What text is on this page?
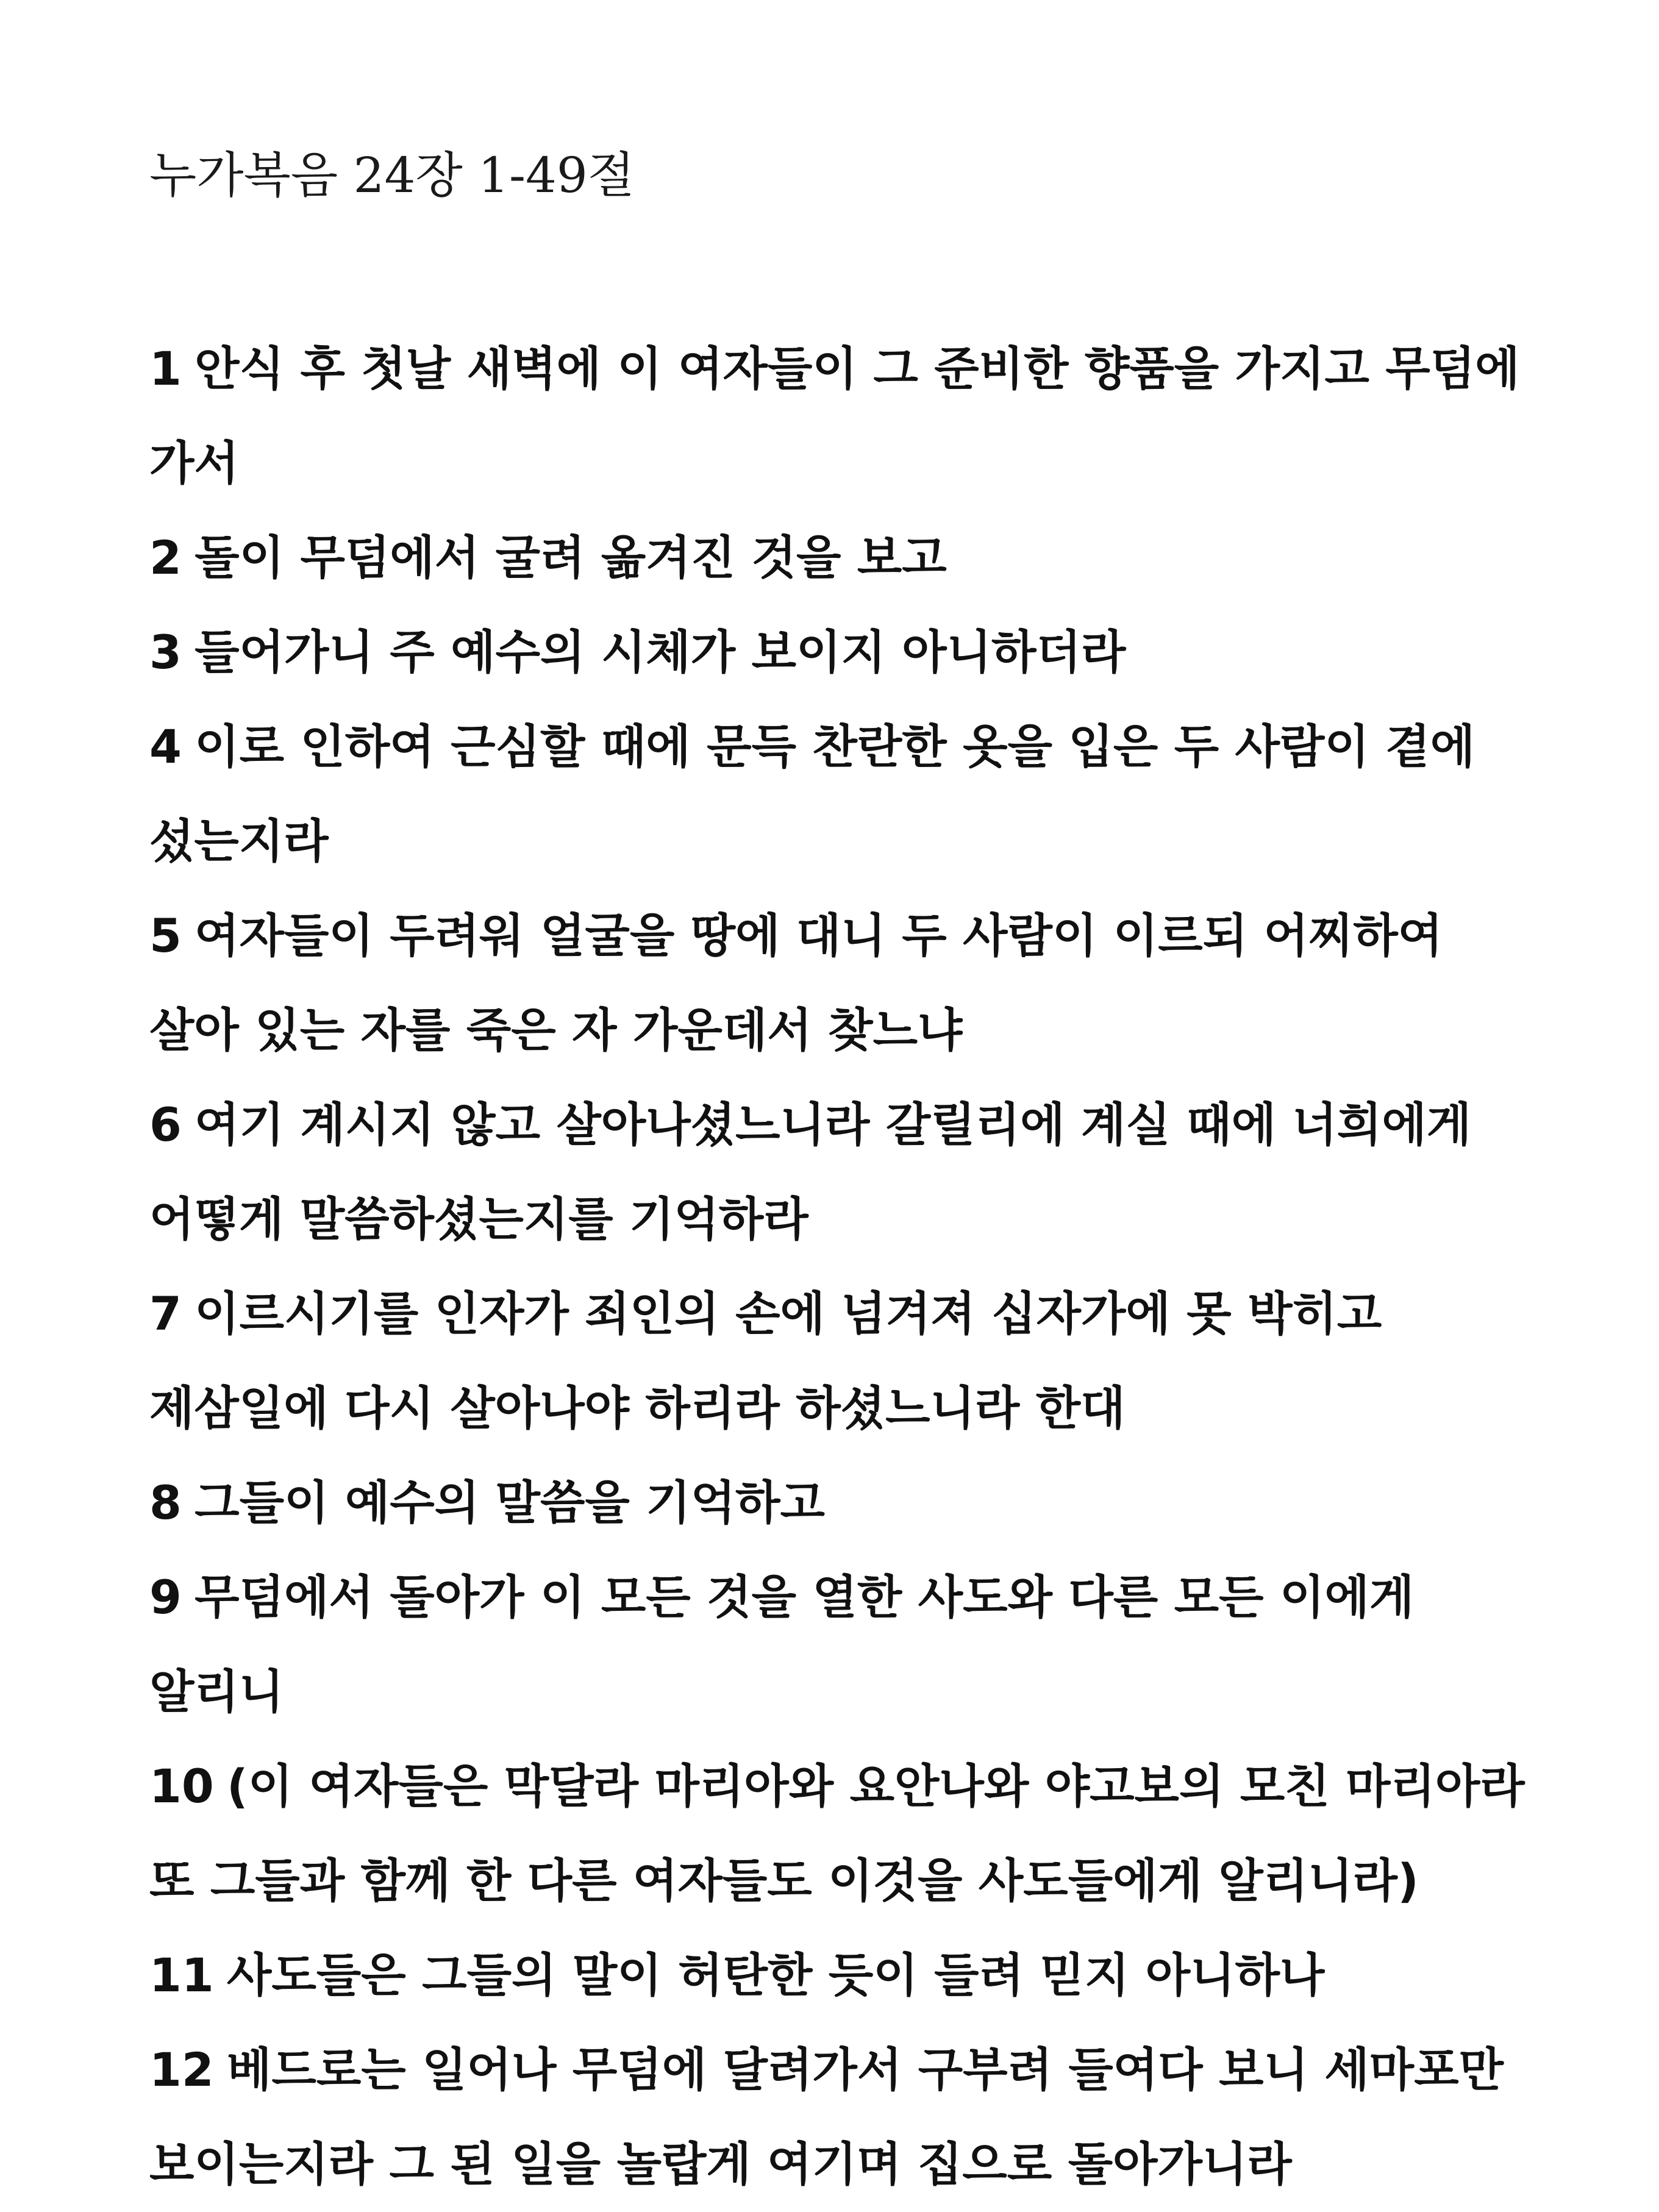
누가복음 24장 1-49절
1 안식 후 첫날 새벽에 이 여자들이 그 준비한 향품을 가지고 무덤에 가서
2 돌이 무덤에서 굴려 옮겨진 것을 보고
3 들어가니 주 예수의 시체가 보이지 아니하더라
4 이로 인하여 근심할 때에 문득 찬란한 옷을 입은 두 사람이 곁에 섰는지라
5 여자들이 두려워 얼굴을 땅에 대니 두 사람이 이르되 어찌하여 살아 있는 자를 죽은 자 가운데서 찾느냐
6 여기 계시지 않고 살아나셨느니라 갈릴리에 계실 때에 너희에게 어떻게 말씀하셨는지를 기억하라
7 이르시기를 인자가 죄인의 손에 넘겨져 십자가에 못 박히고 제삼일에 다시 살아나야 하리라 하셨느니라 한대
8 그들이 예수의 말씀을 기억하고
9 무덤에서 돌아가 이 모든 것을 열한 사도와 다른 모든 이에게 알리니
10 (이 여자들은 막달라 마리아와 요안나와 야고보의 모친 마리아라 또 그들과 함께 한 다른 여자들도 이것을 사도들에게 알리니라)
11 사도들은 그들의 말이 허탄한 듯이 들려 믿지 아니하나
12 베드로는 일어나 무덤에 달려가서 구부려 들여다 보니 세마포만 보이는지라 그 된 일을 놀랍게 여기며 집으로 돌아가니라
